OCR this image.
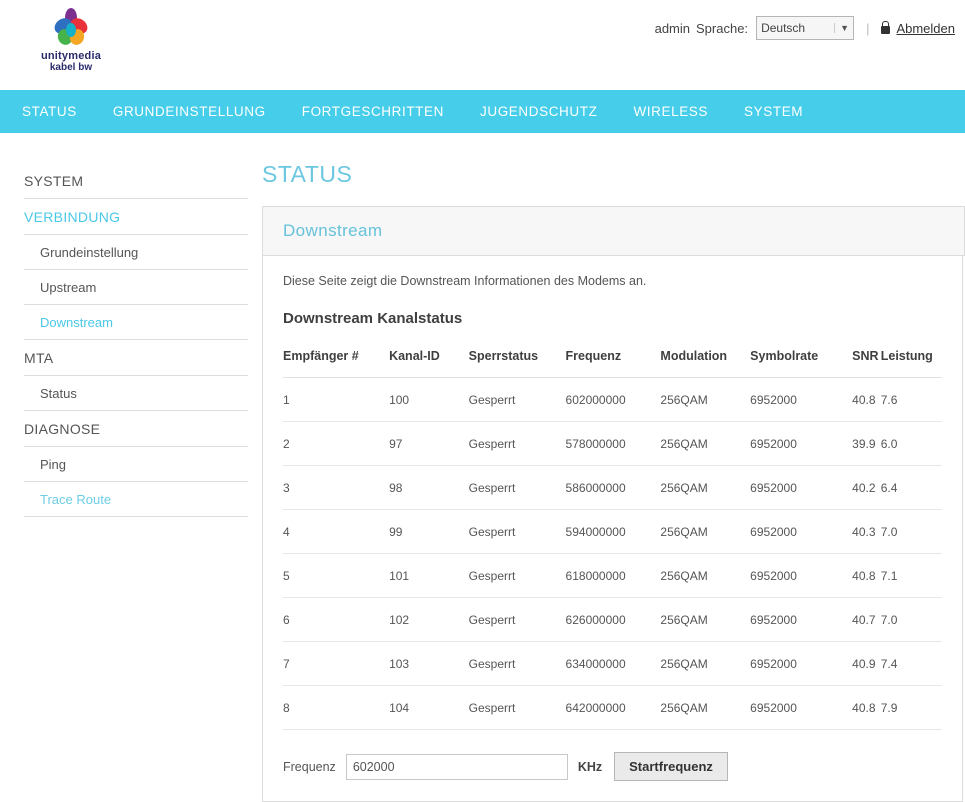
unitymedia
kabel bw
admin Sprache: Deutsch	▼ | Abmelden
STATUS	GRUNDEINSTELLUNG	FORTGESCHRITTEN	JUGENDSCHUTZ	WIRELESS	SYSTEM
SYSTEM
VERBINDUNG
Grundeinstellung
Upstream
Downstream
MTA
Status
DIAGNOSE
Ping
Trace Route
STATUS
Downstream
Diese Seite zeigt die Downstream Informationen des Modems an.
Downstream Kanalstatus
Empfänger #	Kanal-ID	Sperrstatus	Frequenz	Modulation	Symbolrate	SNR	Leistung
1	100	Gesperrt	602000000	256QAM	6952000	40.8	7.6
2	97	Gesperrt	578000000	256QAM	6952000	39.9	6.0
3	98	Gesperrt	586000000	256QAM	6952000	40.2	6.4
4	99	Gesperrt	594000000	256QAM	6952000	40.3	7.0
5	101	Gesperrt	618000000	256QAM	6952000	40.8	7.1
6	102	Gesperrt	626000000	256QAM	6952000	40.7	7.0
7	103	Gesperrt	634000000	256QAM	6952000	40.9	7.4
8	104	Gesperrt	642000000	256QAM	6952000	40.8	7.9
Frequenz
602000	KHz	Startfrequenz
